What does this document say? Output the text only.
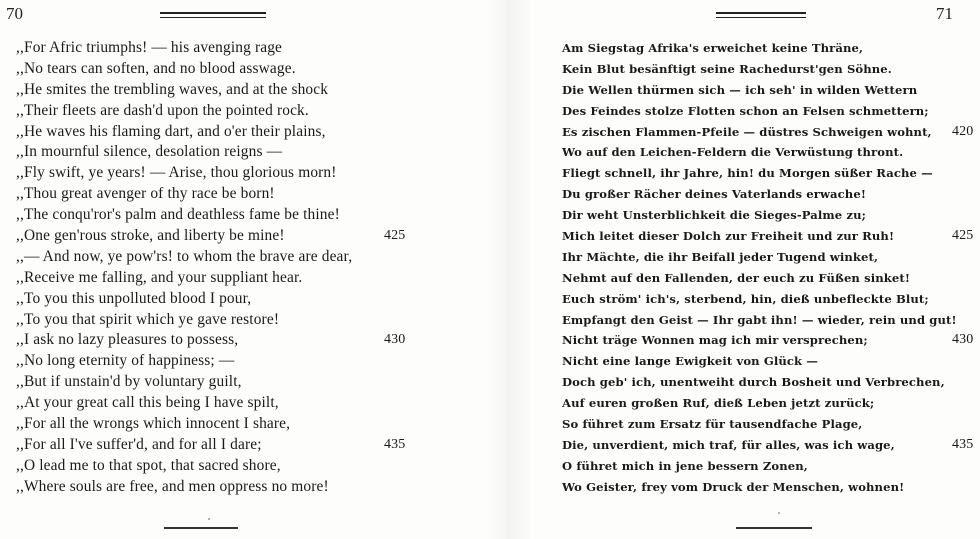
70
,,For Afric triumphs! — his avenging rage
,,No tears can soften, and no blood asswage.
,,He smites the trembling waves, and at the shock
,,Their fleets are dash'd upon the pointed rock.
,,He waves his flaming dart, and o'er their plains,
,,In mournful silence, desolation reigns —
,,Fly swift, ye years! — Arise, thou glorious morn!
,,Thou great avenger of thy race be born!
,,The conqu'ror's palm and deathless fame be thine!
,,One gen'rous stroke, and liberty be mine!	425
,,— And now, ye pow'rs! to whom the brave are dear,
,,Receive me falling, and your suppliant hear.
,,To you this unpolluted blood I pour,
,,To you that spirit which ye gave restore!
,,I ask no lazy pleasures to possess,	430
,,No long eternity of happiness; —
,,But if unstain'd by voluntary guilt,
,,At your great call this being I have spilt,
,,For all the wrongs which innocent I share,
,,For all I've suffer'd, and for all I dare;	435
,,O lead me to that spot, that sacred shore,
,,Where souls are free, and men oppress no more!
71
Am Siegstag Afrika's erweichet keine Thräne,
Kein Blut besänftigt seine Rachedurst'gen Söhne.
Die Wellen thürmen sich — ich seh' in wilden Wettern
Des Feindes stolze Flotten schon an Felsen schmettern;
Es zischen Flammen-Pfeile — düstres Schweigen wohnt, 420
Wo auf den Leichen-Feldern die Verwüstung thront.
Fliegt schnell, ihr Jahre, hin! du Morgen süßer Rache —
Du großer Rächer deines Vaterlands erwache!
Dir weht Unsterblichkeit die Sieges-Palme zu;
Mich leitet dieser Dolch zur Freiheit und zur Ruh!	425
Ihr Mächte, die ihr Beifall jeder Tugend winket,
Nehmt auf den Fallenden, der euch zu Füßen sinket!
Euch ström' ich's, sterbend, hin, dieß unbefleckte Blut;
Empfangt den Geist — Ihr gabt ihn! — wieder, rein und gut!
Nicht träge Wonnen mag ich mir versprechen;	430
Nicht eine lange Ewigkeit von Glück —
Doch geb' ich, unentweiht durch Bosheit und Verbrechen,
Auf euren großen Ruf, dieß Leben jetzt zurück;
So führet zum Ersatz für tausendfache Plage,
Die, unverdient, mich traf, für alles, was ich wage,	435
O führet mich in jene bessern Zonen,
Wo Geister, frey vom Druck der Menschen, wohnen!
